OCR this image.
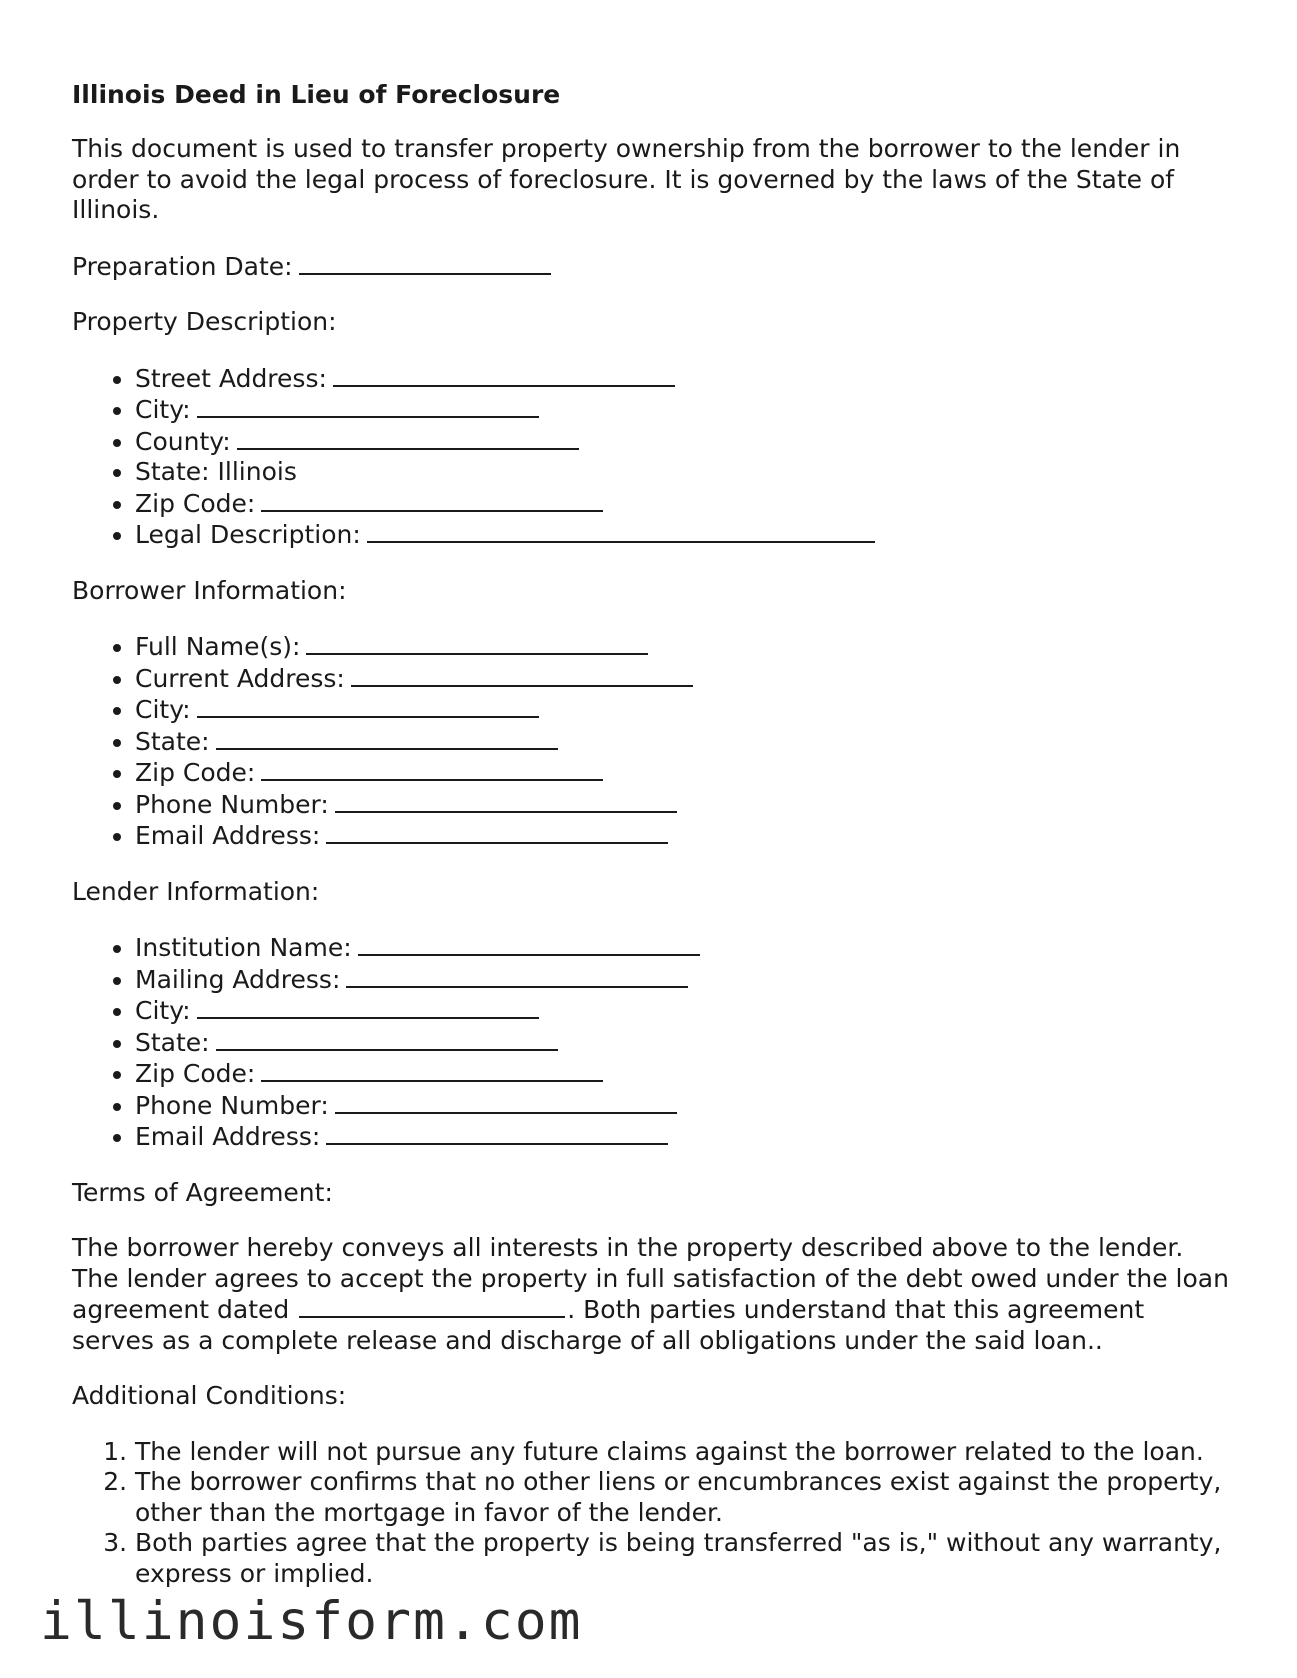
Illinois Deed in Lieu of Foreclosure

This document is used to transfer property ownership from the borrower to the lender in order to avoid the legal process of foreclosure. It is governed by the laws of the State of Illinois.

Preparation Date:

Property Description:

• Street Address:
• City:
• County:
• State: Illinois
• Zip Code:
• Legal Description:

Borrower Information:

• Full Name(s):
• Current Address:
• City:
• State:
• Zip Code:
• Phone Number:
• Email Address:

Lender Information:

• Institution Name:
• Mailing Address:
• City:
• State:
• Zip Code:
• Phone Number:
• Email Address:

Terms of Agreement:

The borrower hereby conveys all interests in the property described above to the lender. The lender agrees to accept the property in full satisfaction of the debt owed under the loan agreement dated	. Both parties understand that this agreement serves as a complete release and discharge of all obligations under the said loan..

Additional Conditions:

1. The lender will not pursue any future claims against the borrower related to the loan.
2. The borrower confirms that no other liens or encumbrances exist against the property, other than the mortgage in favor of the lender.
3. Both parties agree that the property is being transferred "as is," without any warranty, express or implied.
illinoisform.com
